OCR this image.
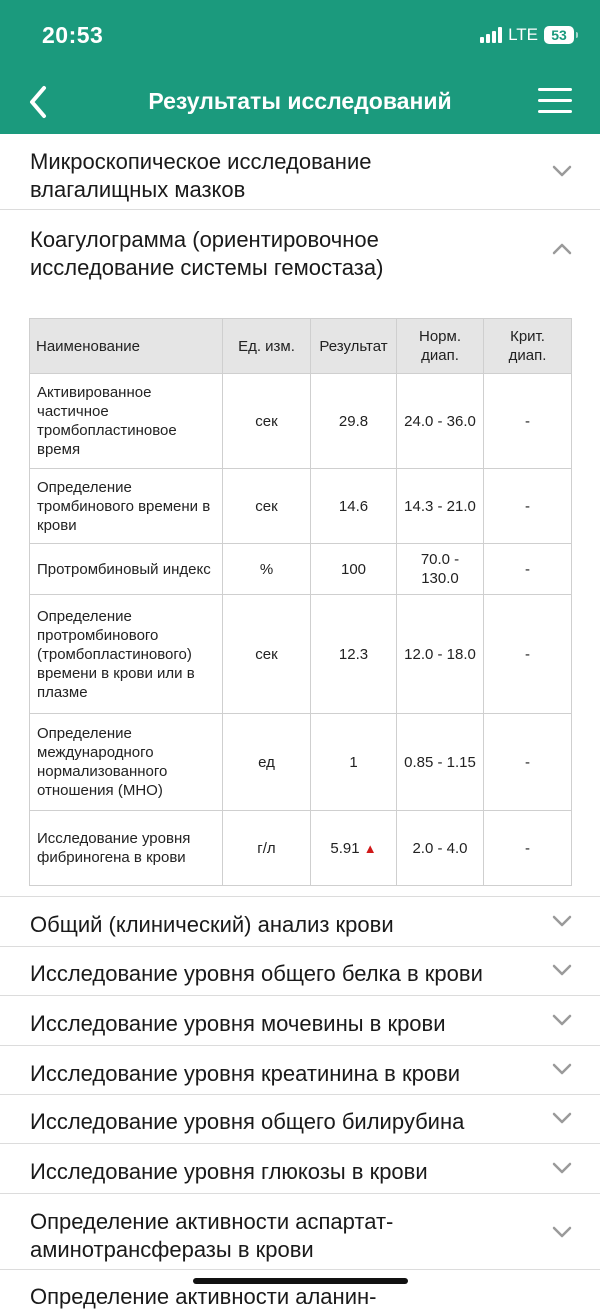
20:53	LTE 53
Результаты исследований
Микроскопическое исследование
влагалищных мазков
Коагулограмма (ориентировочное
исследование системы гемостаза)
Наименование	Ед. изм.	Результат	Норм. диап.	Крит. диап.
Активированное частичное тромбопластиновое время	сек	29.8	24.0 - 36.0	-
Определение тромбинового времени в крови	сек	14.6	14.3 - 21.0	-
Протромбиновый индекс	%	100	70.0 - 130.0	-
Определение протромбинового (тромбопластинового) времени в крови или в плазме	сек	12.3	12.0 - 18.0	-
Определение международного нормализованного отношения (МНО)	ед	1	0.85 - 1.15	-
Исследование уровня фибриногена в крови	г/л	5.91 ▲	2.0 - 4.0	-
Общий (клинический) анализ крови
Исследование уровня общего белка в крови
Исследование уровня мочевины в крови
Исследование уровня креатинина в крови
Исследование уровня общего билирубина
Исследование уровня глюкозы в крови
Определение активности аспартат-
аминотрансферазы в крови
Определение активности аланин-
